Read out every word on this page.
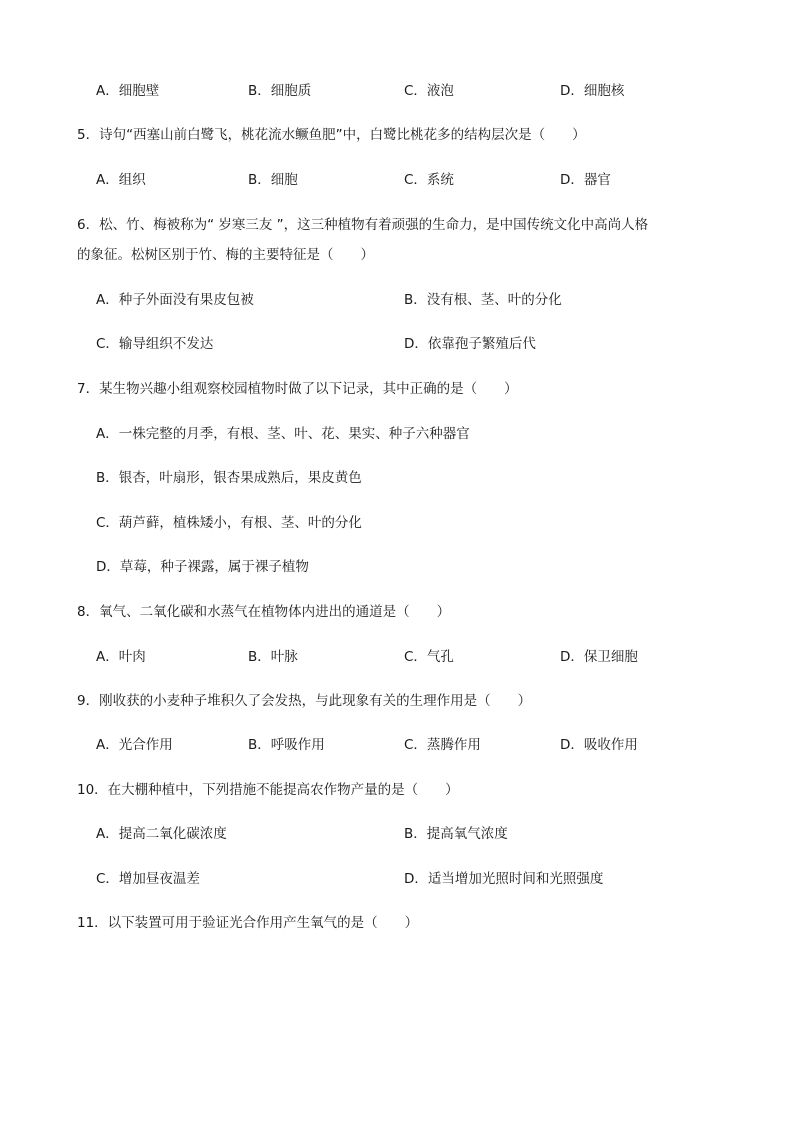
A．细胞壁	B．细胞质	C．液泡	D．细胞核
5．诗句“西塞山前白鹭飞，桃花流水鳜鱼肥”中，白鹭比桃花多的结构层次是（　　）
A．组织	B．细胞	C．系统	D．器官
6．松、竹、梅被称为“ 岁寒三友 ”，这三种植物有着顽强的生命力，是中国传统文化中高尚人格
的象征。松树区别于竹、梅的主要特征是（　　）
A．种子外面没有果皮包被	B．没有根、茎、叶的分化
C．输导组织不发达	D．依靠孢子繁殖后代
7．某生物兴趣小组观察校园植物时做了以下记录，其中正确的是（　　）
A．一株完整的月季，有根、茎、叶、花、果实、种子六种器官
B．银杏，叶扇形，银杏果成熟后，果皮黄色
C．葫芦藓，植株矮小，有根、茎、叶的分化
D．草莓，种子裸露，属于裸子植物
8．氧气、二氧化碳和水蒸气在植物体内进出的通道是（　　）
A．叶肉	B．叶脉	C．气孔	D．保卫细胞
9．刚收获的小麦种子堆积久了会发热，与此现象有关的生理作用是（　　）
A．光合作用	B．呼吸作用	C．蒸腾作用	D．吸收作用
10．在大棚种植中，下列措施不能提高农作物产量的是（　　）
A．提高二氧化碳浓度	B．提高氧气浓度
C．增加昼夜温差	D．适当增加光照时间和光照强度
11．以下装置可用于验证光合作用产生氧气的是（　　）
